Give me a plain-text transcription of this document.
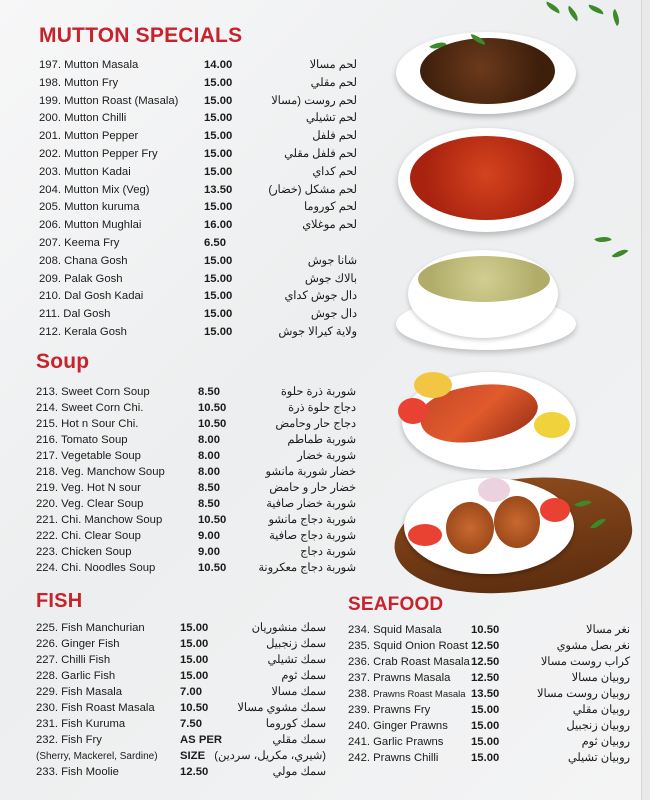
MUTTON SPECIALS
197. Mutton Masala	14.00	لحم مسالا
198. Mutton Fry	15.00	لحم مقلي
199. Mutton Roast (Masala) 15.00	لحم روست (مسالا
200. Mutton Chilli	15.00	لحم تشيلي
201. Mutton Pepper	15.00	لحم فلفل
202. Mutton Pepper Fry	15.00	لحم فلفل مقلي
203. Mutton Kadai	15.00	لحم كداي
204. Mutton Mix (Veg)	13.50	لحم مشكل (خضار)
205. Mutton kuruma	15.00	لحم كوروما
206. Mutton Mughlai	16.00	لحم موغلاي
207. Keema Fry	6.50
208. Chana Gosh	15.00	شانا جوش
209. Palak Gosh	15.00	بالاك جوش
210. Dal Gosh Kadai	15.00	دال جوش كداي
211. Dal Gosh	15.00	دال جوش
212. Kerala Gosh	15.00	ولاية كيرالا جوش
Soup
213. Sweet Corn Soup	8.50	شوربة ذرة حلوة
214. Sweet Corn Chi.	10.50	دجاج حلوة ذرة
215. Hot n Sour Chi.	10.50	دجاج حار وحامض
216. Tomato Soup	8.00	شوربة طماطم
217. Vegetable Soup	8.00	شوربة خضار
218. Veg. Manchow Soup	8.00	خضار شوربة مانشو
219. Veg. Hot N sour	8.50	خضار حار و حامض
220. Veg. Clear Soup	8.50	شوربة خضار صافية
221. Chi. Manchow Soup	10.50	شوربة دجاج مانشو
222. Chi. Clear Soup	9.00	شوربة دجاج صافية
223. Chicken Soup	9.00	شوربة دجاج
224. Chi. Noodles Soup	10.50	شوربة دجاج معكرونة
FISH
225. Fish Manchurian	15.00	سمك منشوريان
226. Ginger Fish	15.00	سمك زنجبيل
227. Chilli Fish	15.00	سمك تشيلي
228. Garlic Fish	15.00	سمك ثوم
229. Fish Masala	7.00	سمك مسالا
230. Fish Roast Masala 10.50	سمك مشوي مسالا
231. Fish Kuruma	7.50	سمك كوروما
232. Fish Fry	AS PER	سمك مقلي
(Sherry, Mackerel, Sardine) SIZE (شيري، مكريل، سردين)
233. Fish Moolie	12.50	سمك مولي
SEAFOOD
234. Squid Masala	10.50	نغر مسالا
235. Squid Onion Roast 12.50	نغر بصل مشوي
236. Crab Roast Masala 12.50	كراب روست مسالا
237. Prawns Masala 12.50	روبيان مسالا
238. Prawns Roast Masala 13.50	روبيان روست مسالا
239. Prawns Fry	15.00	روبيان مقلي
240. Ginger Prawns 15.00	روبيان زنجبيل
241. Garlic Prawns 15.00	روبيان ثوم
242. Prawns Chilli	15.00	روبيان تشيلي
